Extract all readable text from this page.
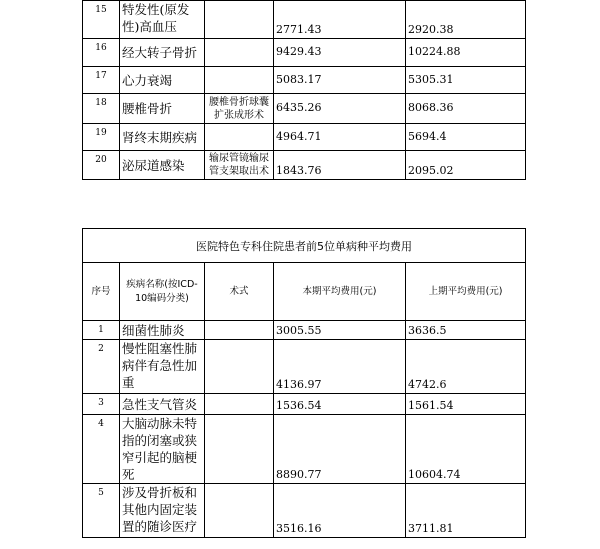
15	特发性(原发性)高血压		2771.43	2920.38
16	经大转子骨折		9429.43	10224.88
17	心力衰竭		5083.17	5305.31
18	腰椎骨折	腰椎骨折球囊扩张成形术	6435.26	8068.36
19	肾终末期疾病		4964.71	5694.4
20	泌尿道感染	输尿管镜输尿管支架取出术	1843.76	2095.02
医院特色专科住院患者前5位单病种平均费用				
序号	疾病名称(按ICD-10编码分类)	术式	本期平均费用(元)	上期平均费用(元)
1	细菌性肺炎		3005.55	3636.5
2	慢性阻塞性肺病伴有急性加重		4136.97	4742.6
3	急性支气管炎		1536.54	1561.54
4	大脑动脉未特指的闭塞或狭窄引起的脑梗死		8890.77	10604.74
5	涉及骨折板和其他内固定装置的随诊医疗		3516.16	3711.81
